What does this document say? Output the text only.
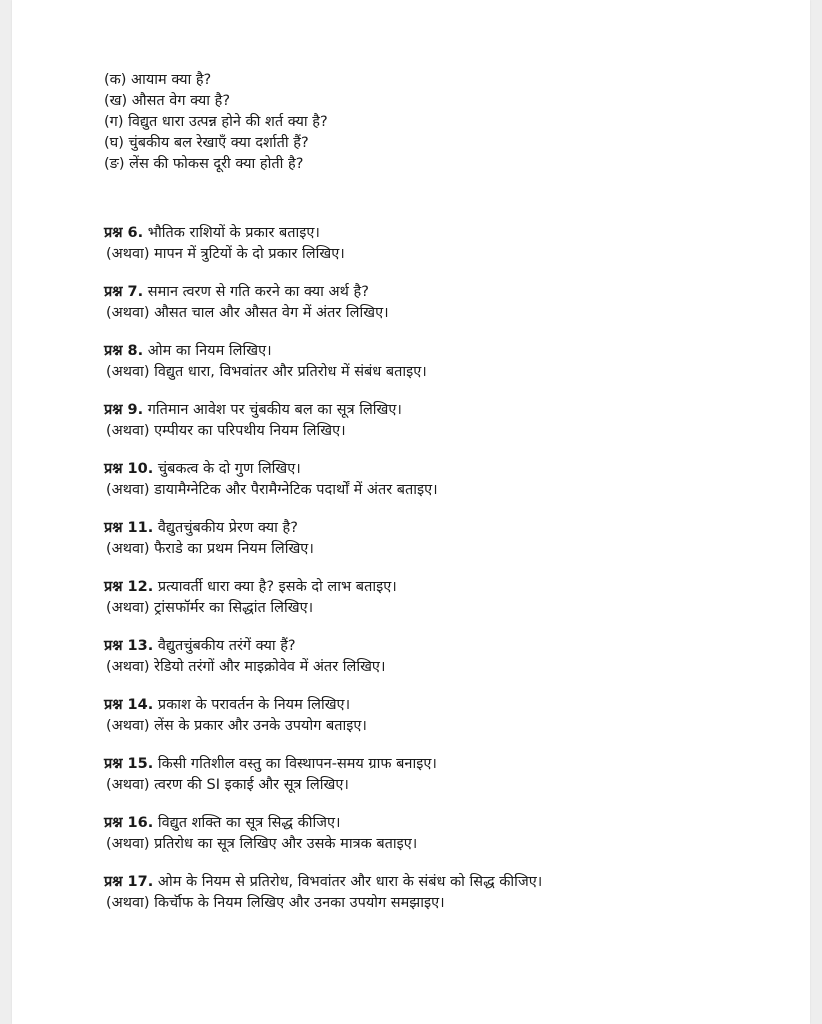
(क) आयाम क्या है?
(ख) औसत वेग क्या है?
(ग) विद्युत धारा उत्पन्न होने की शर्त क्या है?
(घ) चुंबकीय बल रेखाएँ क्या दर्शाती हैं?
(ङ) लेंस की फोकस दूरी क्या होती है?
प्रश्न 6. भौतिक राशियों के प्रकार बताइए।
(अथवा) मापन में त्रुटियों के दो प्रकार लिखिए।
प्रश्न 7. समान त्वरण से गति करने का क्या अर्थ है?
(अथवा) औसत चाल और औसत वेग में अंतर लिखिए।
प्रश्न 8. ओम का नियम लिखिए।
(अथवा) विद्युत धारा, विभवांतर और प्रतिरोध में संबंध बताइए।
प्रश्न 9. गतिमान आवेश पर चुंबकीय बल का सूत्र लिखिए।
(अथवा) एम्पीयर का परिपथीय नियम लिखिए।
प्रश्न 10. चुंबकत्व के दो गुण लिखिए।
(अथवा) डायामैग्नेटिक और पैरामैग्नेटिक पदार्थों में अंतर बताइए।
प्रश्न 11. वैद्युतचुंबकीय प्रेरण क्या है?
(अथवा) फैराडे का प्रथम नियम लिखिए।
प्रश्न 12. प्रत्यावर्ती धारा क्या है? इसके दो लाभ बताइए।
(अथवा) ट्रांसफॉर्मर का सिद्धांत लिखिए।
प्रश्न 13. वैद्युतचुंबकीय तरंगें क्या हैं?
(अथवा) रेडियो तरंगों और माइक्रोवेव में अंतर लिखिए।
प्रश्न 14. प्रकाश के परावर्तन के नियम लिखिए।
(अथवा) लेंस के प्रकार और उनके उपयोग बताइए।
प्रश्न 15. किसी गतिशील वस्तु का विस्थापन-समय ग्राफ बनाइए।
(अथवा) त्वरण की SI इकाई और सूत्र लिखिए।
प्रश्न 16. विद्युत शक्ति का सूत्र सिद्ध कीजिए।
(अथवा) प्रतिरोध का सूत्र लिखिए और उसके मात्रक बताइए।
प्रश्न 17. ओम के नियम से प्रतिरोध, विभवांतर और धारा के संबंध को सिद्ध कीजिए।
(अथवा) किर्चॉफ के नियम लिखिए और उनका उपयोग समझाइए।
